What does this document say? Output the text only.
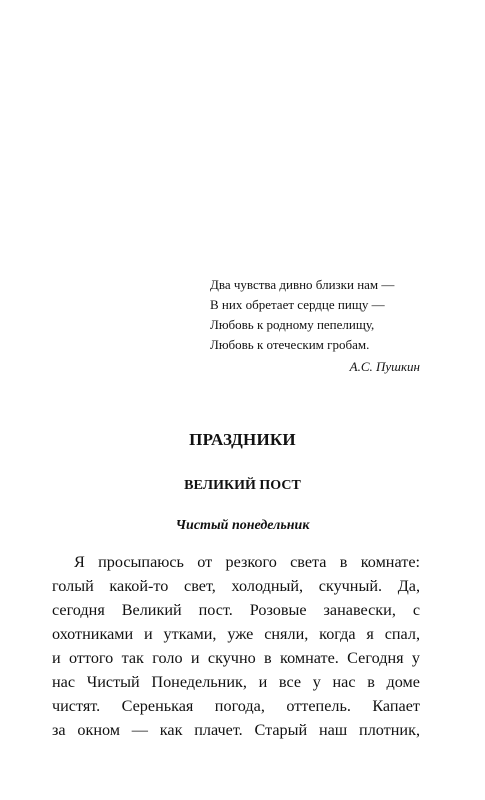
Два чувства дивно близки нам —
В них обретает сердце пищу —
Любовь к родному пепелищу,
Любовь к отеческим гробам.
А.С. Пушкин
ПРАЗДНИКИ
ВЕЛИКИЙ ПОСТ
Чистый понедельник
Я просыпаюсь от резкого света в комнате:
голый какой-то свет, холодный, скучный. Да,
сегодня Великий пост. Розовые занавески, с
охотниками и утками, уже сняли, когда я спал,
и оттого так голо и скучно в комнате. Сегодня у
нас Чистый Понедельник, и все у нас в доме
чистят. Серенькая погода, оттепель. Капает
за окном — как плачет. Старый наш плотник,
